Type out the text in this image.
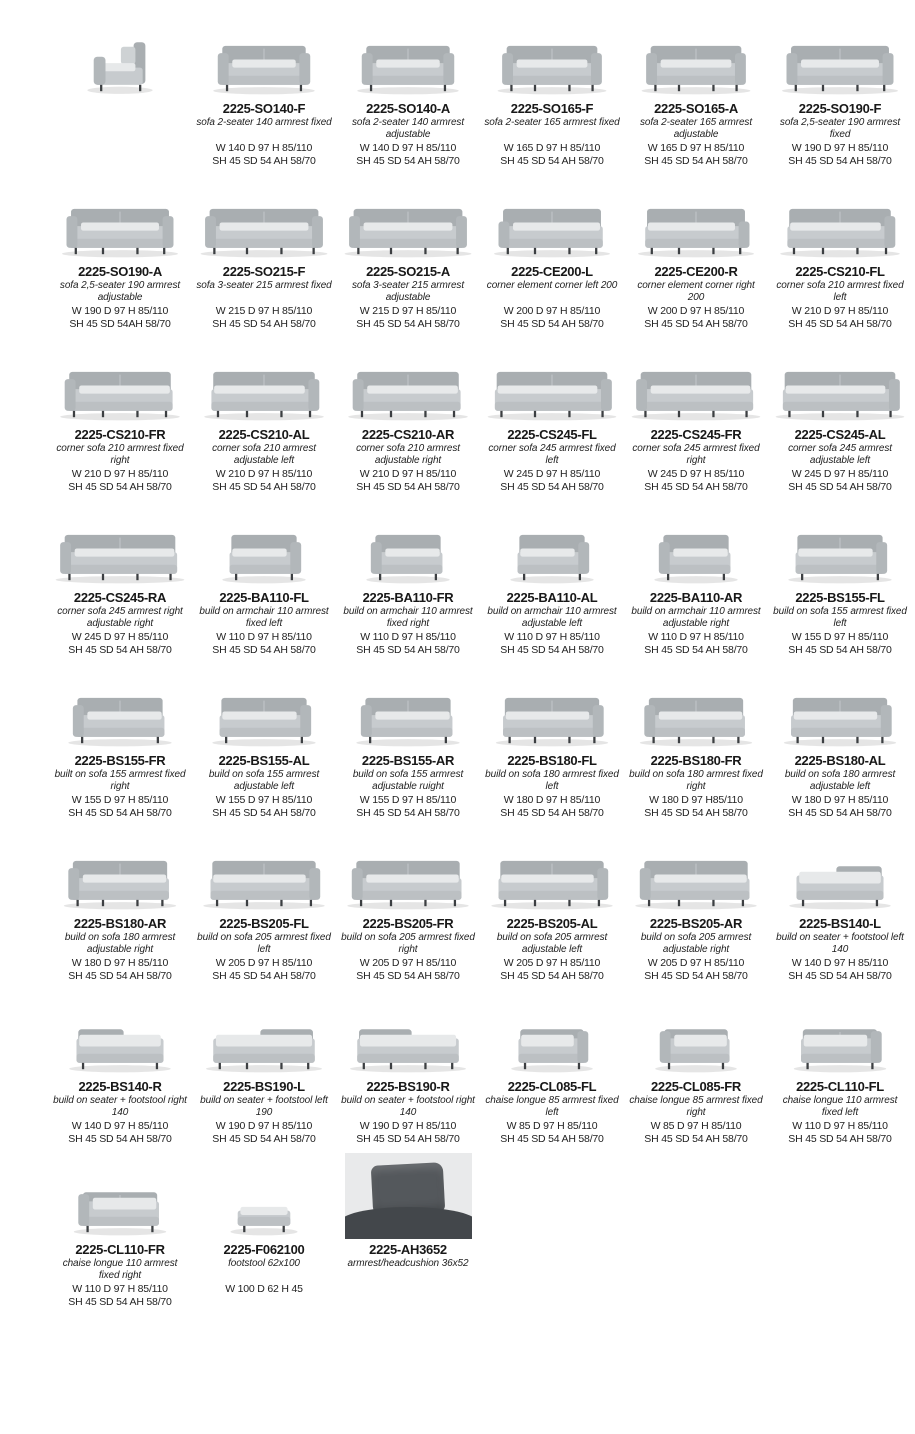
2225-SO140-F
sofa 2-seater 140 armrest fixed
W 140 D 97 H 85/110
SH 45 SD 54 AH 58/70
2225-SO140-A
sofa 2-seater 140 armrest adjustable
W 140 D 97 H 85/110
SH 45 SD 54 AH 58/70
2225-SO165-F
sofa 2-seater 165 armrest fixed
W 165 D 97 H 85/110
SH 45 SD 54 AH 58/70
2225-SO165-A
sofa 2-seater 165 armrest adjustable
W 165 D 97 H 85/110
SH 45 SD 54 AH 58/70
2225-SO190-F
sofa 2,5-seater 190 armrest fixed
W 190 D 97 H 85/110
SH 45 SD 54 AH 58/70
2225-SO190-A
sofa 2,5-seater 190 armrest adjustable
W 190 D 97 H 85/110
SH 45 SD 54AH 58/70
2225-SO215-F
sofa 3-seater 215 armrest fixed
W 215 D 97 H 85/110
SH 45 SD 54 AH 58/70
2225-SO215-A
sofa 3-seater 215 armrest adjustable
W 215 D 97 H 85/110
SH 45 SD 54 AH 58/70
2225-CE200-L
corner element corner left 200
W 200 D 97 H 85/110
SH 45 SD 54 AH 58/70
2225-CE200-R
corner element corner right 200
W 200 D 97 H 85/110
SH 45 SD 54 AH 58/70
2225-CS210-FL
corner sofa 210 armrest fixed left
W 210 D 97 H 85/110
SH 45 SD 54 AH 58/70
2225-CS210-FR
corner sofa 210 armrest fixed right
W 210 D 97 H 85/110
SH 45 SD 54 AH 58/70
2225-CS210-AL
corner sofa 210 armrest adjustable left
W 210 D 97 H 85/110
SH 45 SD 54 AH 58/70
2225-CS210-AR
corner sofa 210 armrest adjustable right
W 210 D 97 H 85/110
SH 45 SD 54 AH 58/70
2225-CS245-FL
corner sofa 245 armrest fixed left
W 245 D 97 H 85/110
SH 45 SD 54 AH 58/70
2225-CS245-FR
corner sofa 245 armrest fixed right
W 245 D 97 H 85/110
SH 45 SD 54 AH 58/70
2225-CS245-AL
corner sofa 245 armrest adjustable left
W 245 D 97 H 85/110
SH 45 SD 54 AH 58/70
2225-CS245-RA
corner sofa 245 armrest right adjustable right
W 245 D 97 H 85/110
SH 45 SD 54 AH 58/70
2225-BA110-FL
build on armchair 110 armrest fixed left
W 110 D 97 H 85/110
SH 45 SD 54 AH 58/70
2225-BA110-FR
build on armchair 110 armrest fixed right
W 110 D 97 H 85/110
SH 45 SD 54 AH 58/70
2225-BA110-AL
build on armchair 110 armrest adjustable left
W 110 D 97 H 85/110
SH 45 SD 54 AH 58/70
2225-BA110-AR
build on armchair 110 armrest adjustable right
W 110 D 97 H 85/110
SH 45 SD 54 AH 58/70
2225-BS155-FL
build on sofa 155 armrest fixed left
W 155 D 97 H 85/110
SH 45 SD 54 AH 58/70
2225-BS155-FR
built on sofa 155 armrest fixed right
W 155 D 97 H 85/110
SH 45 SD 54 AH 58/70
2225-BS155-AL
build on sofa 155 armrest adjustable left
W 155 D 97 H 85/110
SH 45 SD 54 AH 58/70
2225-BS155-AR
build on sofa 155 armrest adjustable ruight
W 155 D 97 H 85/110
SH 45 SD 54 AH 58/70
2225-BS180-FL
build on sofa 180 armrest fixed left
W 180 D 97 H 85/110
SH 45 SD 54 AH 58/70
2225-BS180-FR
build on sofa 180 armrest fixed right
W 180 D 97 H85/110
SH 45 SD 54 AH 58/70
2225-BS180-AL
build on sofa 180 armrest adjustable left
W 180 D 97 H 85/110
SH 45 SD 54 AH 58/70
2225-BS180-AR
build on sofa 180 armrest adjustable right
W 180 D 97 H 85/110
SH 45 SD 54 AH 58/70
2225-BS205-FL
build on sofa 205 armrest fixed left
W 205 D 97 H 85/110
SH 45 SD 54 AH 58/70
2225-BS205-FR
build on sofa 205 armrest fixed right
W 205 D 97 H 85/110
SH 45 SD 54 AH 58/70
2225-BS205-AL
build on sofa 205 armrest adjustable left
W 205 D 97 H 85/110
SH 45 SD 54 AH 58/70
2225-BS205-AR
build on sofa 205 armrest adjustable right
W 205 D 97 H 85/110
SH 45 SD 54 AH 58/70
2225-BS140-L
build on seater + footstool left 140
W 140 D 97 H 85/110
SH 45 SD 54 AH 58/70
2225-BS140-R
build on seater + footstool right 140
W 140 D 97 H 85/110
SH 45 SD 54 AH 58/70
2225-BS190-L
build on seater + footstool left 190
W 190 D 97 H 85/110
SH 45 SD 54 AH 58/70
2225-BS190-R
build on seater + footstool right 140
W 190 D 97 H 85/110
SH 45 SD 54 AH 58/70
2225-CL085-FL
chaise longue 85 armrest fixed left
W 85 D 97 H 85/110
SH 45 SD 54 AH 58/70
2225-CL085-FR
chaise longue 85 armrest fixed right
W 85 D 97 H 85/110
SH 45 SD 54 AH 58/70
2225-CL110-FL
chaise longue 110 armrest fixed left
W 110 D 97 H 85/110
SH 45 SD 54 AH 58/70
2225-CL110-FR
chaise longue 110 armrest fixed right
W 110 D 97 H 85/110
SH 45 SD 54 AH 58/70
2225-F062100
footstool 62x100
W 100 D 62 H 45
2225-AH3652
armrest/headcushion 36x52
